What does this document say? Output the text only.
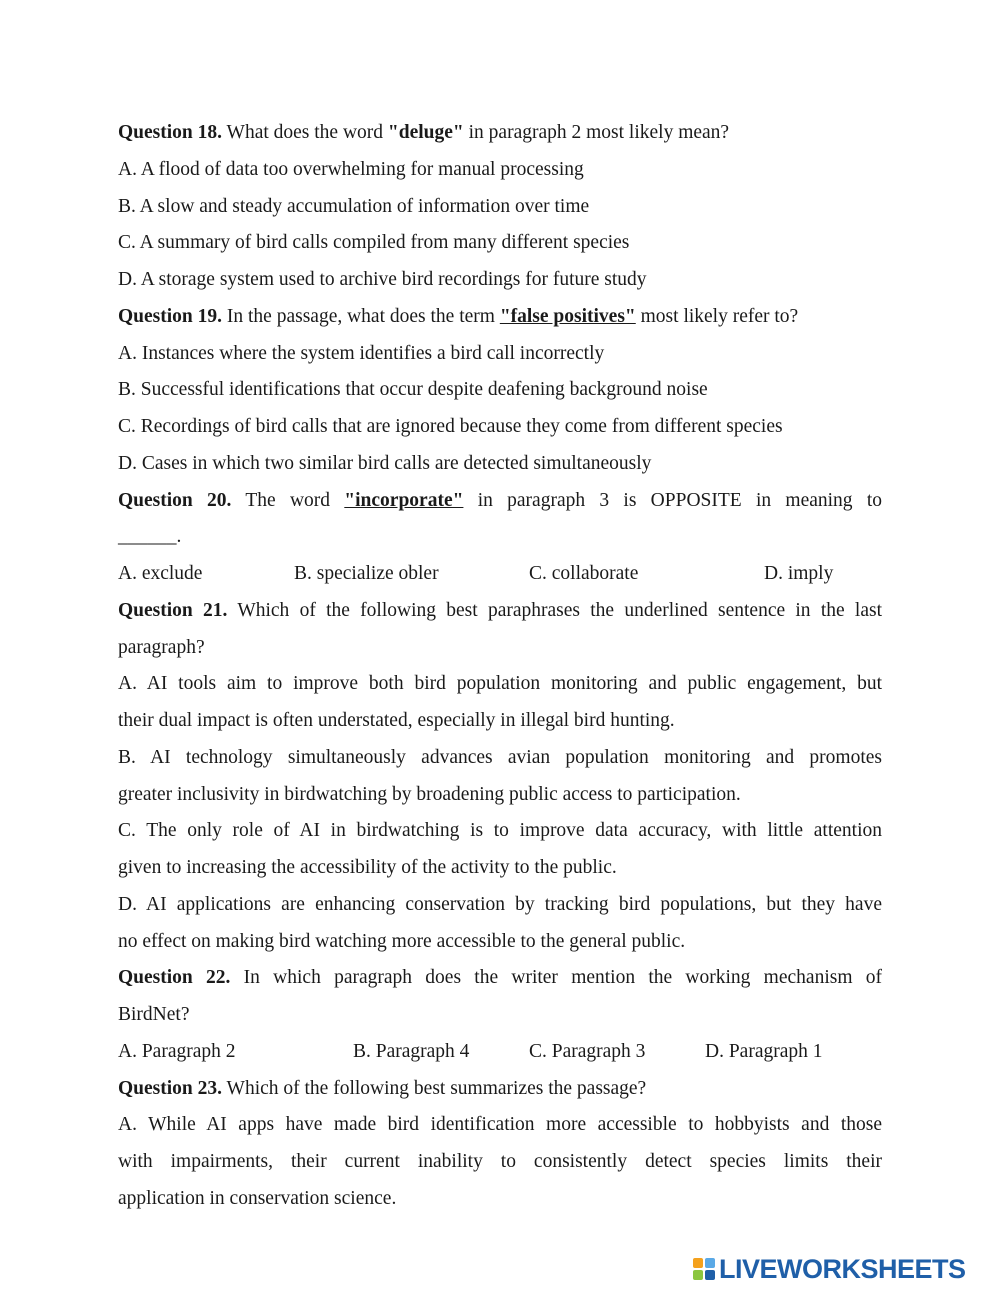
Question 18. What does the word "deluge" in paragraph 2 most likely mean?
A. A flood of data too overwhelming for manual processing
B. A slow and steady accumulation of information over time
C. A summary of bird calls compiled from many different species
D. A storage system used to archive bird recordings for future study
Question 19. In the passage, what does the term "false positives" most likely refer to?
A. Instances where the system identifies a bird call incorrectly
B. Successful identifications that occur despite deafening background noise
C. Recordings of bird calls that are ignored because they come from different species
D. Cases in which two similar bird calls are detected simultaneously
Question 20. The word "incorporate" in paragraph 3 is OPPOSITE in meaning to
______.
A. exclude	B. specialize obler	C. collaborate	D. imply
Question 21. Which of the following best paraphrases the underlined sentence in the last
paragraph?
A. AI tools aim to improve both bird population monitoring and public engagement, but
their dual impact is often understated, especially in illegal bird hunting.
B. AI technology simultaneously advances avian population monitoring and promotes
greater inclusivity in birdwatching by broadening public access to participation.
C. The only role of AI in birdwatching is to improve data accuracy, with little attention
given to increasing the accessibility of the activity to the public.
D. AI applications are enhancing conservation by tracking bird populations, but they have
no effect on making bird watching more accessible to the general public.
Question 22. In which paragraph does the writer mention the working mechanism of
BirdNet?
A. Paragraph 2	B. Paragraph 4	C. Paragraph 3	D. Paragraph 1
Question 23. Which of the following best summarizes the passage?
A. While AI apps have made bird identification more accessible to hobbyists and those
with impairments, their current inability to consistently detect species limits their
application in conservation science.
LIVEWORKSHEETS
